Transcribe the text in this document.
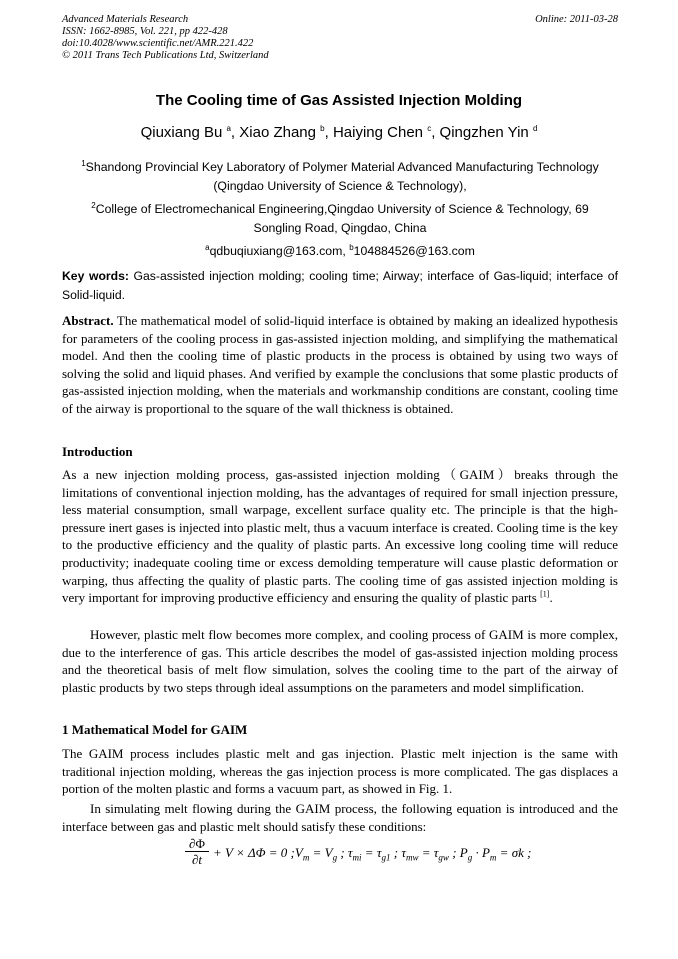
Advanced Materials Research
ISSN: 1662-8985, Vol. 221, pp 422-428
doi:10.4028/www.scientific.net/AMR.221.422
© 2011 Trans Tech Publications Ltd, Switzerland
Online: 2011-03-28
The Cooling time of Gas Assisted Injection Molding
Qiuxiang Bu $^a$, Xiao Zhang $^b$, Haiying Chen $^c$, Qingzhen Yin $^d$
$^1$Shandong Provincial Key Laboratory of Polymer Material Advanced Manufacturing Technology
(Qingdao University of Science & Technology),
$^2$College of Electromechanical Engineering,Qingdao University of Science & Technology, 69
Songling Road, Qingdao, China
$^a$qdbuqiuxiang@163.com, $^b$104884526@163.com
Key words: Gas-assisted injection molding; cooling time; Airway; interface of Gas-liquid; interface of Solid-liquid.
Abstract. The mathematical model of solid-liquid interface is obtained by making an idealized hypothesis for parameters of the cooling process in gas-assisted injection molding, and simplifying the mathematical model. And then the cooling time of plastic products in the process is obtained by using two ways of solving the solid and liquid phases. And verified by example the conclusions that some plastic products of gas-assisted injection molding, when the materials and workmanship conditions are constant, cooling time of the airway is proportional to the square of the wall thickness is obtained.
Introduction
As a new injection molding process, gas-assisted injection molding（GAIM）breaks through the limitations of conventional injection molding, has the advantages of required for small injection pressure, less material consumption, small warpage, excellent surface quality etc. The principle is that the high-pressure inert gases is injected into plastic melt, thus a vacuum interface is created. Cooling time is the key to the productive efficiency and the quality of plastic parts. An excessive long cooling time will reduce productivity; inadequate cooling time or excess demolding temperature will cause plastic deformation or warping, thus affecting the quality of plastic parts. The cooling time of gas assisted injection molding is very important for improving productive efficiency and ensuring the quality of plastic parts [1].
However, plastic melt flow becomes more complex, and cooling process of GAIM is more complex, due to the interference of gas. This article describes the model of gas-assisted injection molding process and the theoretical basis of melt flow simulation, solves the cooling time to the part of the airway of plastic products by two steps through ideal assumptions on the parameters and model simplification.
1 Mathematical Model for GAIM
The GAIM process includes plastic melt and gas injection. Plastic melt injection is the same with traditional injection molding, whereas the gas injection process is more complicated. The gas displaces a portion of the molten plastic and forms a vacuum part, as showed in Fig. 1.
In simulating melt flowing during the GAIM process, the following equation is introduced and the interface between gas and plastic melt should satisfy these conditions:
∂Φ
∂t + V × ΔΦ = 0 $;V_m = V_g$ ; $\tau_{mi} = \tau_{g1}$ ; $\tau_{mw} = \tau_{gw}$ ; $P_g \cdot P_m = \sigma k$ ;
